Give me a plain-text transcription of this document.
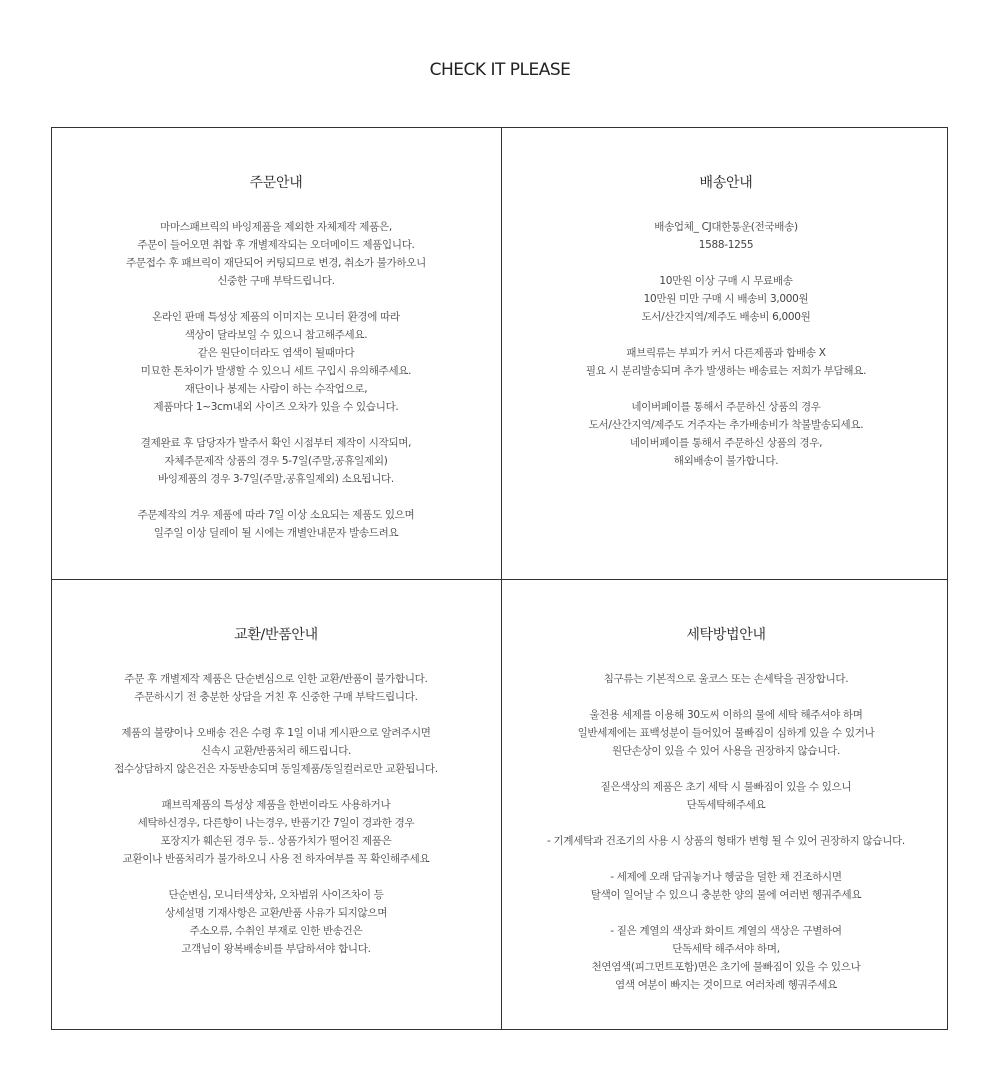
CHECK IT PLEASE
주문안내
마마스패브릭의 바잉제품을 제외한 자체제작 제품은,
주문이 들어오면 취합 후 개별제작되는 오더메이드 제품입니다.
주문접수 후 패브릭이 재단되어 커팅되므로 변경, 취소가 불가하오니
신중한 구매 부탁드립니다.
온라인 판매 특성상 제품의 이미지는 모니터 환경에 따라
색상이 달라보일 수 있으니 참고해주세요.
같은 원단이더라도 염색이 될때마다
미묘한 톤차이가 발생할 수 있으니 세트 구입시 유의해주세요.
재단이나 봉제는 사람이 하는 수작업으로,
제품마다 1~3cm내외 사이즈 오차가 있을 수 있습니다.
결제완료 후 담당자가 발주서 확인 시점부터 제작이 시작되며,
자체주문제작 상품의 경우 5-7일(주말,공휴일제외)
바잉제품의 경우 3-7일(주말,공휴일제외) 소요됩니다.
주문제작의 겨우 제품에 따라 7일 이상 소요되는 제품도 있으며
일주일 이상 딜레이 될 시에는 개별안내문자 발송드려요
배송안내
배송업체_ CJ대한통운(전국배송)
1588-1255
10만원 이상 구매 시 무료배송
10만원 미만 구매 시 배송비 3,000원
도서/산간지역/제주도 배송비 6,000원
패브릭류는 부피가 커서 다른제품과 합배송 X
필요 시 분리발송되며 추가 발생하는 배송료는 저희가 부담해요.
네이버페이를 통해서 주문하신 상품의 경우
도서/산간지역/제주도 거주자는 추가배송비가 착불발송되세요.
네이버페이를 통해서 주문하신 상품의 경우,
해외배송이 불가합니다.
교환/반품안내
주문 후 개별제작 제품은 단순변심으로 인한 교환/반품이 불가합니다.
주문하시기 전 충분한 상담을 거친 후 신중한 구매 부탁드립니다.
제품의 불량이나 오배송 건은 수령 후 1일 이내 게시판으로 알려주시면
신속시 교환/반품처리 해드립니다.
접수상담하지 않은건은 자동반송되며 동일제품/동일컬러로만 교환됩니다.
패브릭제품의 특성상 제품을 한번이라도 사용하거나
세탁하신경우, 다른향이 나는경우, 반품기간 7일이 경과한 경우
포장지가 훼손된 경우 등.. 상품가치가 떨어진 제품은
교환이나 반품처리가 불가하오니 사용 전 하자여부를 꼭 확인해주세요
단순변심, 모니터색상차, 오차범위 사이즈차이 등
상세설명 기재사항은 교환/반품 사유가 되지않으며
주소오류, 수취인 부재로 인한 반송건은
고객님이 왕복배송비를 부담하셔야 합니다.
세탁방법안내
침구류는 기본적으로 울코스 또는 손세탁을 권장합니다.
울전용 세제를 이용해 30도씨 이하의 물에 세탁 해주셔야 하며
일반세제에는 표백성분이 들어있어 물빠짐이 심하게 있을 수 있거나
원단손상이 있을 수 있어 사용을 권장하지 않습니다.
짙은색상의 제품은 초기 세탁 시 물빠짐이 있을 수 있으니
단독세탁해주세요
- 기계세탁과 건조기의 사용 시 상품의 형태가 변형 될 수 있어 권장하지 않습니다.
- 세제에 오래 담궈놓거나 헹굼을 덜한 채 건조하시면
탈색이 일어날 수 있으니 충분한 양의 물에 여러번 헹궈주세요
- 짙은 계열의 색상과 화이트 계열의 색상은 구별하여
단독세탁 해주셔야 하며,
천연염색(피그먼트포함)면은 초기에 물빠짐이 있을 수 있으나
염색 여분이 빠지는 것이므로 여러차례 헹궈주세요
